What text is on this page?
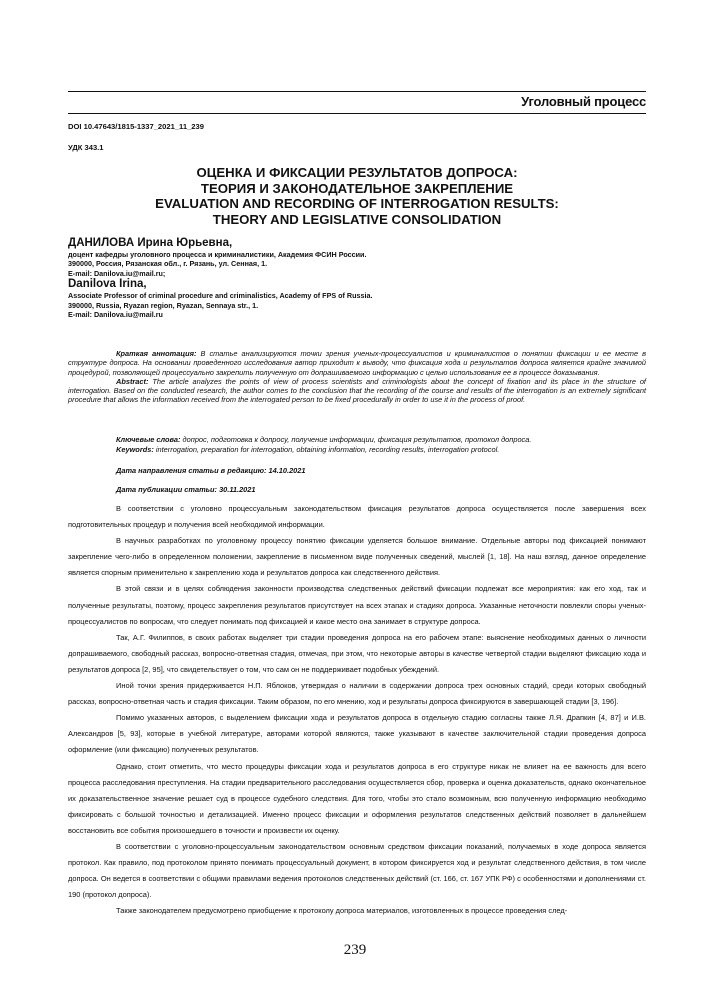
Уголовный процесс
DOI 10.47643/1815-1337_2021_11_239
УДК 343.1
ОЦЕНКА И ФИКСАЦИИ РЕЗУЛЬТАТОВ ДОПРОСА:
ТЕОРИЯ И ЗАКОНОДАТЕЛЬНОЕ ЗАКРЕПЛЕНИЕ
EVALUATION AND RECORDING OF INTERROGATION RESULTS:
THEORY AND LEGISLATIVE CONSOLIDATION
ДАНИЛОВА Ирина Юрьевна,
доцент кафедры уголовного процесса и криминалистики, Академия ФСИН России.
390000, Россия, Рязанская обл., г. Рязань, ул. Сенная, 1.
E-mail: Danilova.iu@mail.ru;
Danilova Irina,
Associate Professor of criminal procedure and criminalistics, Academy of FPS of Russia.
390000, Russia, Ryazan region, Ryazan, Sennaya str., 1.
E-mail: Danilova.iu@mail.ru

Краткая аннотация: В статье анализируются точки зрения ученых-процессуалистов и криминалистов о понятии фиксации и ее месте в структуре допроса. На основании проведенного исследования автор приходит к выводу, что фиксация хода и результатов допроса является крайне значимой процедурой, позволяющей процессуально закрепить полученную от допрашиваемого информацию с целью использования ее в процессе доказывания.

Abstract: The article analyzes the points of view of process scientists and criminologists about the concept of fixation and its place in the structure of interrogation. Based on the conducted research, the author comes to the conclusion that the recording of the course and results of the interrogation is an extremely significant procedure that allows the information received from the interrogated person to be fixed procedurally in order to use it in the process of proof.

Ключевые слова: допрос, подготовка к допросу, получение информации, фиксация результатов, протокол допроса.
Keywords: interrogation, preparation for interrogation, obtaining information, recording results, interrogation protocol.
Дата направления статьи в редакцию: 14.10.2021
Дата публикации статьи: 30.11.2021

В соответствии с уголовно процессуальным законодательством фиксация результатов допроса осуществляется после завершения всех подготовительных процедур и получения всей необходимой информации.

В научных разработках по уголовному процессу понятию фиксации уделяется большое внимание. Отдельные авторы под фиксацией понимают закрепление чего-либо в определенном положении, закрепление в письменном виде полученных сведений, мыслей [1, 18]. На наш взгляд, данное определение является спорным применительно к закреплению хода и результатов допроса как следственного действия.

В этой связи и в целях соблюдения законности производства следственных действий фиксации подлежат все мероприятия: как его ход, так и полученные результаты, поэтому, процесс закрепления результатов присутствует на всех этапах и стадиях допроса. Указанные неточности повлекли споры ученых-процессуалистов по вопросам, что следует понимать под фиксацией и какое место она занимает в структуре допроса.

Так, А.Г. Филиппов, в своих работах выделяет три стадии проведения допроса на его рабочем этапе: выяснение необходимых данных о личности допрашиваемого, свободный рассказ, вопросно-ответная стадия, отмечая, при этом, что некоторые авторы в качестве четвертой стадии выделяют фиксацию хода и результатов допроса [2, 95], что свидетельствует о том, что сам он не поддерживает подобных убеждений.

Иной точки зрения придерживается Н.П. Яблоков, утверждая о наличии в содержании допроса трех основных стадий, среди которых свободный рассказ, вопросно-ответная часть и стадия фиксации. Таким образом, по его мнению, ход и результаты допроса фиксируются в завершающей стадии [3, 196].

Помимо указанных авторов, с выделением фиксации хода и результатов допроса в отдельную стадию согласны также Л.Я. Драпкин [4, 87] и И.В. Александров [5, 93], которые в учебной литературе, авторами которой являются, также указывают в качестве заключительной стадии проведения допроса оформление (или фиксацию) полученных результатов.

Однако, стоит отметить, что место процедуры фиксации хода и результатов допроса в его структуре никак не влияет на ее важность для всего процесса расследования преступления. На стадии предварительного расследования осуществляется сбор, проверка и оценка доказательств, однако окончательное их доказательственное значение решает суд в процессе судебного следствия. Для того, чтобы это стало возможным, всю полученную информацию необходимо фиксировать с большой точностью и детализацией. Именно процесс фиксации и оформления результатов следственных действий позволяет в дальнейшем восстановить все события произошедшего в точности и произвести их оценку.

В соответствии с уголовно-процессуальным законодательством основным средством фиксации показаний, получаемых в ходе допроса является протокол. Как правило, под протоколом принято понимать процессуальный документ, в котором фиксируется ход и результат следственного действия, в том числе допроса. Он ведется в соответствии с общими правилами ведения протоколов следственных действий (ст. 166, ст. 167 УПК РФ) с особенностями и дополнениями ст. 190 (протокол допроса).

Также законодателем предусмотрено приобщение к протоколу допроса материалов, изготовленных в процессе проведения след-

239
